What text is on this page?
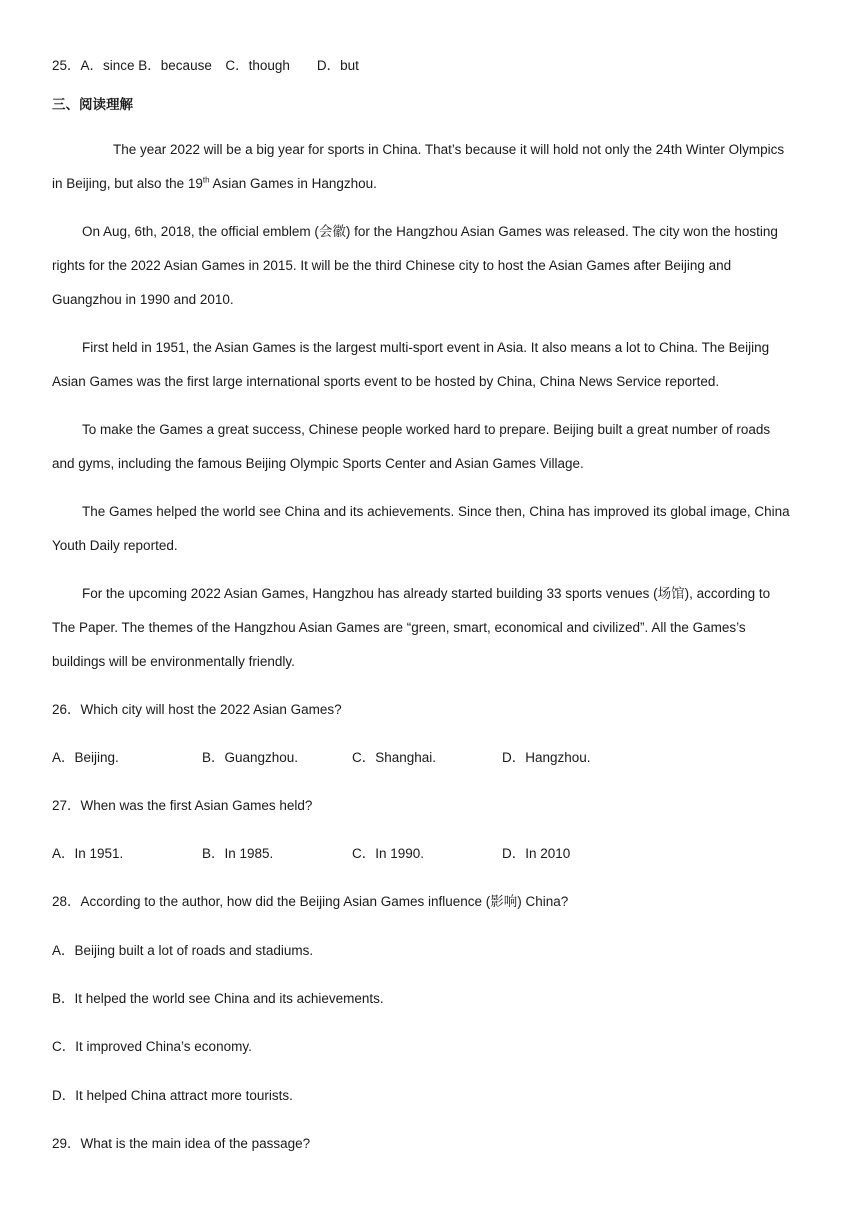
25．A．since B．because　C．though　　D．but
三、阅读理解
The year 2022 will be a big year for sports in China. That’s because it will hold not only the 24th Winter Olympics
in Beijing, but also the 19th Asian Games in Hangzhou.
On Aug, 6th, 2018, the official emblem (会徽) for the Hangzhou Asian Games was released. The city won the hosting
rights for the 2022 Asian Games in 2015. It will be the third Chinese city to host the Asian Games after Beijing and
Guangzhou in 1990 and 2010.
First held in 1951, the Asian Games is the largest multi-sport event in Asia. It also means a lot to China. The Beijing
Asian Games was the first large international sports event to be hosted by China, China News Service reported.
To make the Games a great success, Chinese people worked hard to prepare. Beijing built a great number of roads
and gyms, including the famous Beijing Olympic Sports Center and Asian Games Village.
The Games helped the world see China and its achievements. Since then, China has improved its global image, China
Youth Daily reported.
For the upcoming 2022 Asian Games, Hangzhou has already started building 33 sports venues (场馆), according to
The Paper. The themes of the Hangzhou Asian Games are “green, smart, economical and civilized”. All the Games’s
buildings will be environmentally friendly.
26．Which city will host the 2022 Asian Games?
A．Beijing.	B．Guangzhou.	C．Shanghai.	D．Hangzhou.
27．When was the first Asian Games held?
A．In 1951.	B．In 1985.	C．In 1990.	D．In 2010
28．According to the author, how did the Beijing Asian Games influence (影响) China?
A．Beijing built a lot of roads and stadiums.
B．It helped the world see China and its achievements.
C．It improved China’s economy.
D．It helped China attract more tourists.
29．What is the main idea of the passage?
